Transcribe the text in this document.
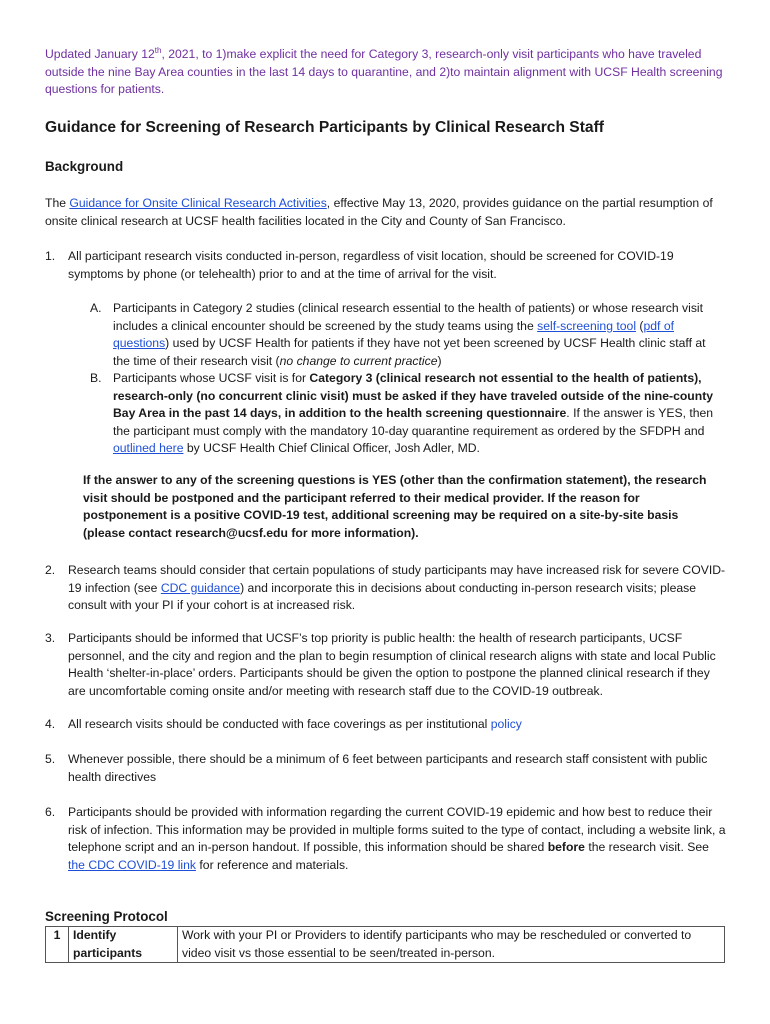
Updated January 12th, 2021, to 1)make explicit the need for Category 3, research-only visit participants who have traveled outside the nine Bay Area counties in the last 14 days to quarantine, and 2)to maintain alignment with UCSF Health screening questions for patients.
Guidance for Screening of Research Participants by Clinical Research Staff
Background
The Guidance for Onsite Clinical Research Activities, effective May 13, 2020, provides guidance on the partial resumption of onsite clinical research at UCSF health facilities located in the City and County of San Francisco.
1. All participant research visits conducted in-person, regardless of visit location, should be screened for COVID-19 symptoms by phone (or telehealth) prior to and at the time of arrival for the visit.
A. Participants in Category 2 studies (clinical research essential to the health of patients) or whose research visit includes a clinical encounter should be screened by the study teams using the self-screening tool (pdf of questions) used by UCSF Health for patients if they have not yet been screened by UCSF Health clinic staff at the time of their research visit (no change to current practice)
B. Participants whose UCSF visit is for Category 3 (clinical research not essential to the health of patients), research-only (no concurrent clinic visit) must be asked if they have traveled outside of the nine-county Bay Area in the past 14 days, in addition to the health screening questionnaire. If the answer is YES, then the participant must comply with the mandatory 10-day quarantine requirement as ordered by the SFDPH and outlined here by UCSF Health Chief Clinical Officer, Josh Adler, MD.
If the answer to any of the screening questions is YES (other than the confirmation statement), the research visit should be postponed and the participant referred to their medical provider. If the reason for postponement is a positive COVID-19 test, additional screening may be required on a site-by-site basis (please contact research@ucsf.edu for more information).
2. Research teams should consider that certain populations of study participants may have increased risk for severe COVID-19 infection (see CDC guidance) and incorporate this in decisions about conducting in-person research visits; please consult with your PI if your cohort is at increased risk.
3. Participants should be informed that UCSF’s top priority is public health: the health of research participants, UCSF personnel, and the city and region and the plan to begin resumption of clinical research aligns with state and local Public Health ‘shelter-in-place’ orders. Participants should be given the option to postpone the planned clinical research if they are uncomfortable coming onsite and/or meeting with research staff due to the COVID-19 outbreak.
4. All research visits should be conducted with face coverings as per institutional policy
5. Whenever possible, there should be a minimum of 6 feet between participants and research staff consistent with public health directives
6. Participants should be provided with information regarding the current COVID-19 epidemic and how best to reduce their risk of infection. This information may be provided in multiple forms suited to the type of contact, including a website link, a telephone script and an in-person handout. If possible, this information should be shared before the research visit. See the CDC COVID-19 link for reference and materials.
Screening Protocol
1	Identify participants	Work with your PI or Providers to identify participants who may be rescheduled or converted to video visit vs those essential to be seen/treated in-person.
